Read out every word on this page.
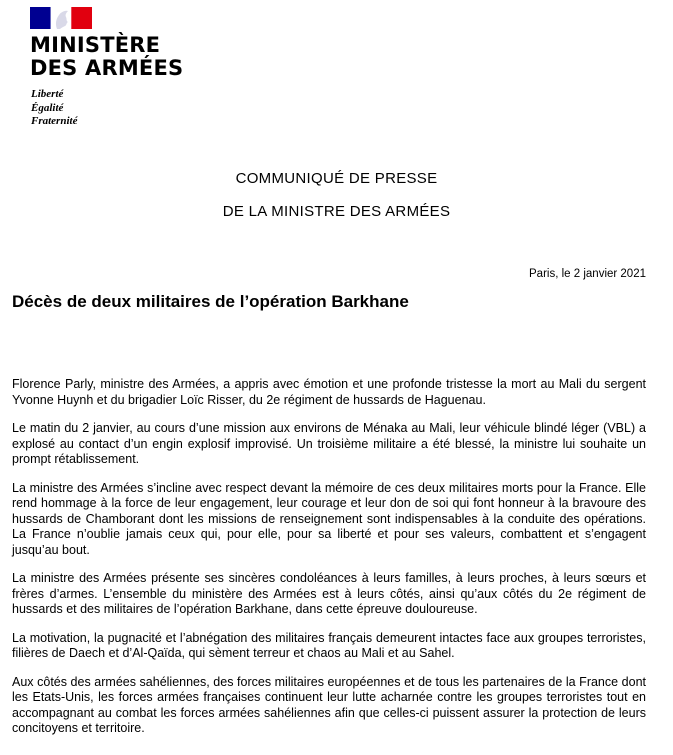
MINISTÈRE
DES ARMÉES
Liberté
Égalité
Fraternité
COMMUNIQUÉ DE PRESSE
DE LA MINISTRE DES ARMÉES
Paris, le 2 janvier 2021
Décès de deux militaires de l’opération Barkhane

Florence Parly, ministre des Armées, a appris avec émotion et une profonde tristesse la mort au Mali du sergent Yvonne Huynh et du brigadier Loïc Risser, du 2e régiment de hussards de Haguenau.

Le matin du 2 janvier, au cours d’une mission aux environs de Ménaka au Mali, leur véhicule blindé léger (VBL) a explosé au contact d’un engin explosif improvisé. Un troisième militaire a été blessé, la ministre lui souhaite un prompt rétablissement.

La ministre des Armées s’incline avec respect devant la mémoire de ces deux militaires morts pour la France. Elle rend hommage à la force de leur engagement, leur courage et leur don de soi qui font honneur à la bravoure des hussards de Chamborant dont les missions de renseignement sont indispensables à la conduite des opérations. La France n’oublie jamais ceux qui, pour elle, pour sa liberté et pour ses valeurs, combattent et s’engagent jusqu’au bout.

La ministre des Armées présente ses sincères condoléances à leurs familles, à leurs proches, à leurs sœurs et frères d’armes. L’ensemble du ministère des Armées est à leurs côtés, ainsi qu’aux côtés du 2e régiment de hussards et des militaires de l’opération Barkhane, dans cette épreuve douloureuse.

La motivation, la pugnacité et l’abnégation des militaires français demeurent intactes face aux groupes terroristes, filières de Daech et d’Al-Qaïda, qui sèment terreur et chaos au Mali et au Sahel.

Aux côtés des armées sahéliennes, des forces militaires européennes et de tous les partenaires de la France dont les Etats-Unis, les forces armées françaises continuent leur lutte acharnée contre les groupes terroristes tout en accompagnant au combat les forces armées sahéliennes afin que celles-ci puissent assurer la protection de leurs concitoyens et territoire.
